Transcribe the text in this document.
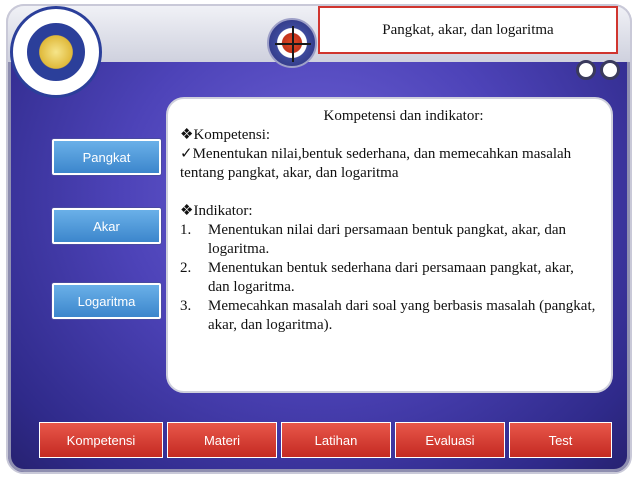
Pangkat, akar, dan logaritma

Kompetensi dan indikator:

❖Kompetensi:

✓Menentukan nilai,bentuk sederhana, dan memecahkan masalah tentang pangkat, akar, dan logaritma

❖Indikator:

1.	Menentukan nilai dari persamaan bentuk pangkat, akar, dan logaritma.
2.	Menentukan bentuk sederhana dari persamaan pangkat, akar, dan logaritma.
3.	Memecahkan masalah dari soal yang berbasis masalah (pangkat, akar, dan logaritma).
Pangkat
Akar
Logaritma
Kompetensi	Materi	Latihan	Evaluasi	Test
